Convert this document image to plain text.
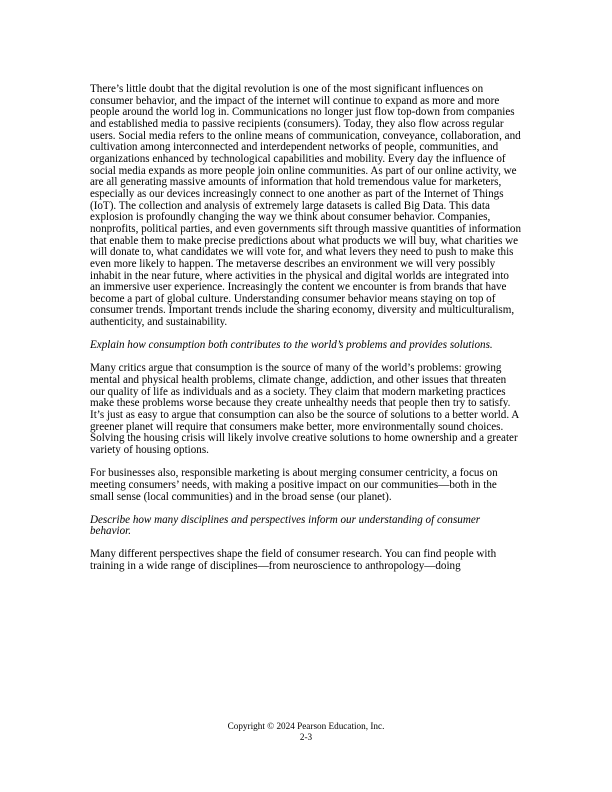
There’s little doubt that the digital revolution is one of the most significant influences on consumer behavior, and the impact of the internet will continue to expand as more and more people around the world log in. Communications no longer just flow top-down from companies and established media to passive recipients (consumers). Today, they also flow across regular users. Social media refers to the online means of communication, conveyance, collaboration, and cultivation among interconnected and interdependent networks of people, communities, and organizations enhanced by technological capabilities and mobility. Every day the influence of social media expands as more people join online communities. As part of our online activity, we are all generating massive amounts of information that hold tremendous value for marketers, especially as our devices increasingly connect to one another as part of the Internet of Things (IoT). The collection and analysis of extremely large datasets is called Big Data. This data explosion is profoundly changing the way we think about consumer behavior. Companies, nonprofits, political parties, and even governments sift through massive quantities of information that enable them to make precise predictions about what products we will buy, what charities we will donate to, what candidates we will vote for, and what levers they need to push to make this even more likely to happen. The metaverse describes an environment we will very possibly inhabit in the near future, where activities in the physical and digital worlds are integrated into an immersive user experience. Increasingly the content we encounter is from brands that have become a part of global culture. Understanding consumer behavior means staying on top of consumer trends. Important trends include the sharing economy, diversity and multiculturalism, authenticity, and sustainability.

Explain how consumption both contributes to the world’s problems and provides solutions.

Many critics argue that consumption is the source of many of the world’s problems: growing mental and physical health problems, climate change, addiction, and other issues that threaten our quality of life as individuals and as a society. They claim that modern marketing practices make these problems worse because they create unhealthy needs that people then try to satisfy. It’s just as easy to argue that consumption can also be the source of solutions to a better world. A greener planet will require that consumers make better, more environmentally sound choices. Solving the housing crisis will likely involve creative solutions to home ownership and a greater variety of housing options.

For businesses also, responsible marketing is about merging consumer centricity, a focus on meeting consumers’ needs, with making a positive impact on our communities—both in the small sense (local communities) and in the broad sense (our planet).

Describe how many disciplines and perspectives inform our understanding of consumer behavior.

Many different perspectives shape the field of consumer research. You can find people with training in a wide range of disciplines—from neuroscience to anthropology—doing

Copyright © 2024 Pearson Education, Inc.
2-3
